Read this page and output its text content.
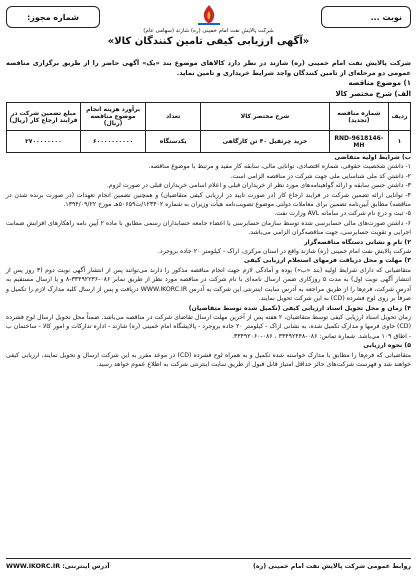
نوبت ...
شماره مجوز:
شرکت پالایش نفت امام خمینی (ره) شازند (سهامی عام)
«آگهی ارزیابی کیفی تامین کنندگان کالا»
شرکت پالایش نفت امام خمینی (ره) شازند در نظر دارد کالاهای موضوع بند «یک» آگهی حاضر را از طریق برگزاری مناقصه عمومی دو مرحله‌ای از تامین کنندگان واجد شرایط خریداری و تامین نماید.
۱) موضوع مناقصه
الف) شرح مختصر کالا
ردیف	شماره مناقصه (تجدید)	شرح مختصر کالا	تعداد	برآورد هزینه انجام موضوع مناقصه (ریال)	مبلغ تضمین شرکت در فرایند ارجاع کار (ریال)
۱	RND-9618146-MH	خرید چرثقیل ۴۰ تن کارگاهی	یکدستگاه	۶۰۰۰۰۰۰۰۰۰۰	۲۷۰۰۰۰۰۰۰۰

ب) شرایط اولیه متقاضی

۱- داشتن شخصیت حقوقی، شماره اقتصادی، توانایی مالی، سابقه کار مفید و مرتبط با موضوع مناقصه.

۲- داشتن کد ملی شناسایی ملی جهت شرکت در مناقصه الزامی است.

۳- داشتن حسن سابقه و ارائه گواهینامه‌های مورد نظر از خریداران قبلی و اعلام اسامی خریداران قبلی در صورت لزوم.

۴- توانایی ارائه تضمین شرکت در فرایند ارجاع کار (در صورت تایید در ارزیابی کیفی متقاضیان) و همچنین تضمین انجام تعهدات (در صورت برنده شدن در مناقصه) مطابق آیین‌نامه تضمین برای معاملات دولتی موضوع تصویب‌نامه هیأت وزیران به شماره ۱۲۳۴۰۲/ت۵۰۶۵۹هـ مورخ ۱۳۹۴/۰۹/۲۲.

۵- ثبت و درج نام شرکت در سامانه AVL وزارت نفت.

۶- داشتن صورت‌های مالی حسابرسی شده توسط سازمان حسابرسی یا اعضاء جامعه حسابداران رسمی مطابق با ماده ۲ آیین نامه راهکارهای افزایش ضمانت اجرایی و تقویت حسابرسی، جهت مناقصه‌گران الزامی می‌باشد.

۲) نام و نشانی دستگاه مناقصه‌گزار

شرکت پالایش نفت امام خمینی (ره) شازند واقع در استان مرکزی، اراک - کیلومتر ۲۰ جاده بروجرد.

۳) مهلت و محل دریافت فرمهای استعلام ارزیابی کیفی

متقاضیانی که دارای شرایط اولیه (بند «ب») بوده و آمادگی لازم جهت انجام مناقصه مذکور را دارند می‌توانند پس از انتشار آگهی نوبت دوم (۳ روز پس از انتشار آگهی نوبت اول) به مدت ۵ روزکاری ضمن ارسال نامه‌ای با نام شرکت در مناقصه مورد نظر از طریق نمابر ۰۸۶-۳۳۴۹۲۲۳۶-۸ و یا ارسال مستقیم به آدرس شرکت، فرم‌ها را از طریق مراجعه به آدرس سایت اینترنتی این شرکت به آدرس WWW.IKORC.IR دریافت و پس از ارسال کلیه مدارک لازم را تکمیل و صرفاً بر روی لوح فشرده (CD) به این شرکت تحویل نمایند.

۴) زمان و محل تحویل اسناد ارزیابی کیفی (تکمیل شده توسط متقاضیان)

زمان تحویل اسناد ارزیابی کیفی توسط متقاضیان، ۲ هفته پس از آخرین مهلت ارسال تقاضای شرکت در مناقصه می‌باشد. ضمناً محل تحویل ارسال لوح فشرده (CD) حاوی فرمها و مدارک تکمیل شده، به نشانی اراک - کیلومتر ۲۰ جاده بروجرد - پالایشگاه امام خمینی (ره) شازند - اداره تدارکات و امور کالا - ساختمان ب - اطاق ۱۰۹ می‌باشد. شماره تماس: ۰۸۶-۳۳۴۹۲۴۴۸ ، ۰۸۶-۳۳۴۹۲۰۶۰.

۵) نحوه ارزیابی

متقاضیانی که فرم‌ها را مطابق با مدارک خواسته شده تکمیل و به همراه لوح فشرده (CD) در موعد مقرر به این شرکت ارسال و تحویل نمایند، ارزیابی کیفی خواهند شد و فهرست شرکت‌های حائز حداقل امتیاز قابل قبول از طریق سایت اینترنتی شرکت به اطلاع عموم خواهد رسید.

روابط عمومی شرکت پالایش نفت امام خمینی (ره)
آدرس اینترنتی: WWW.IKORC.IR
